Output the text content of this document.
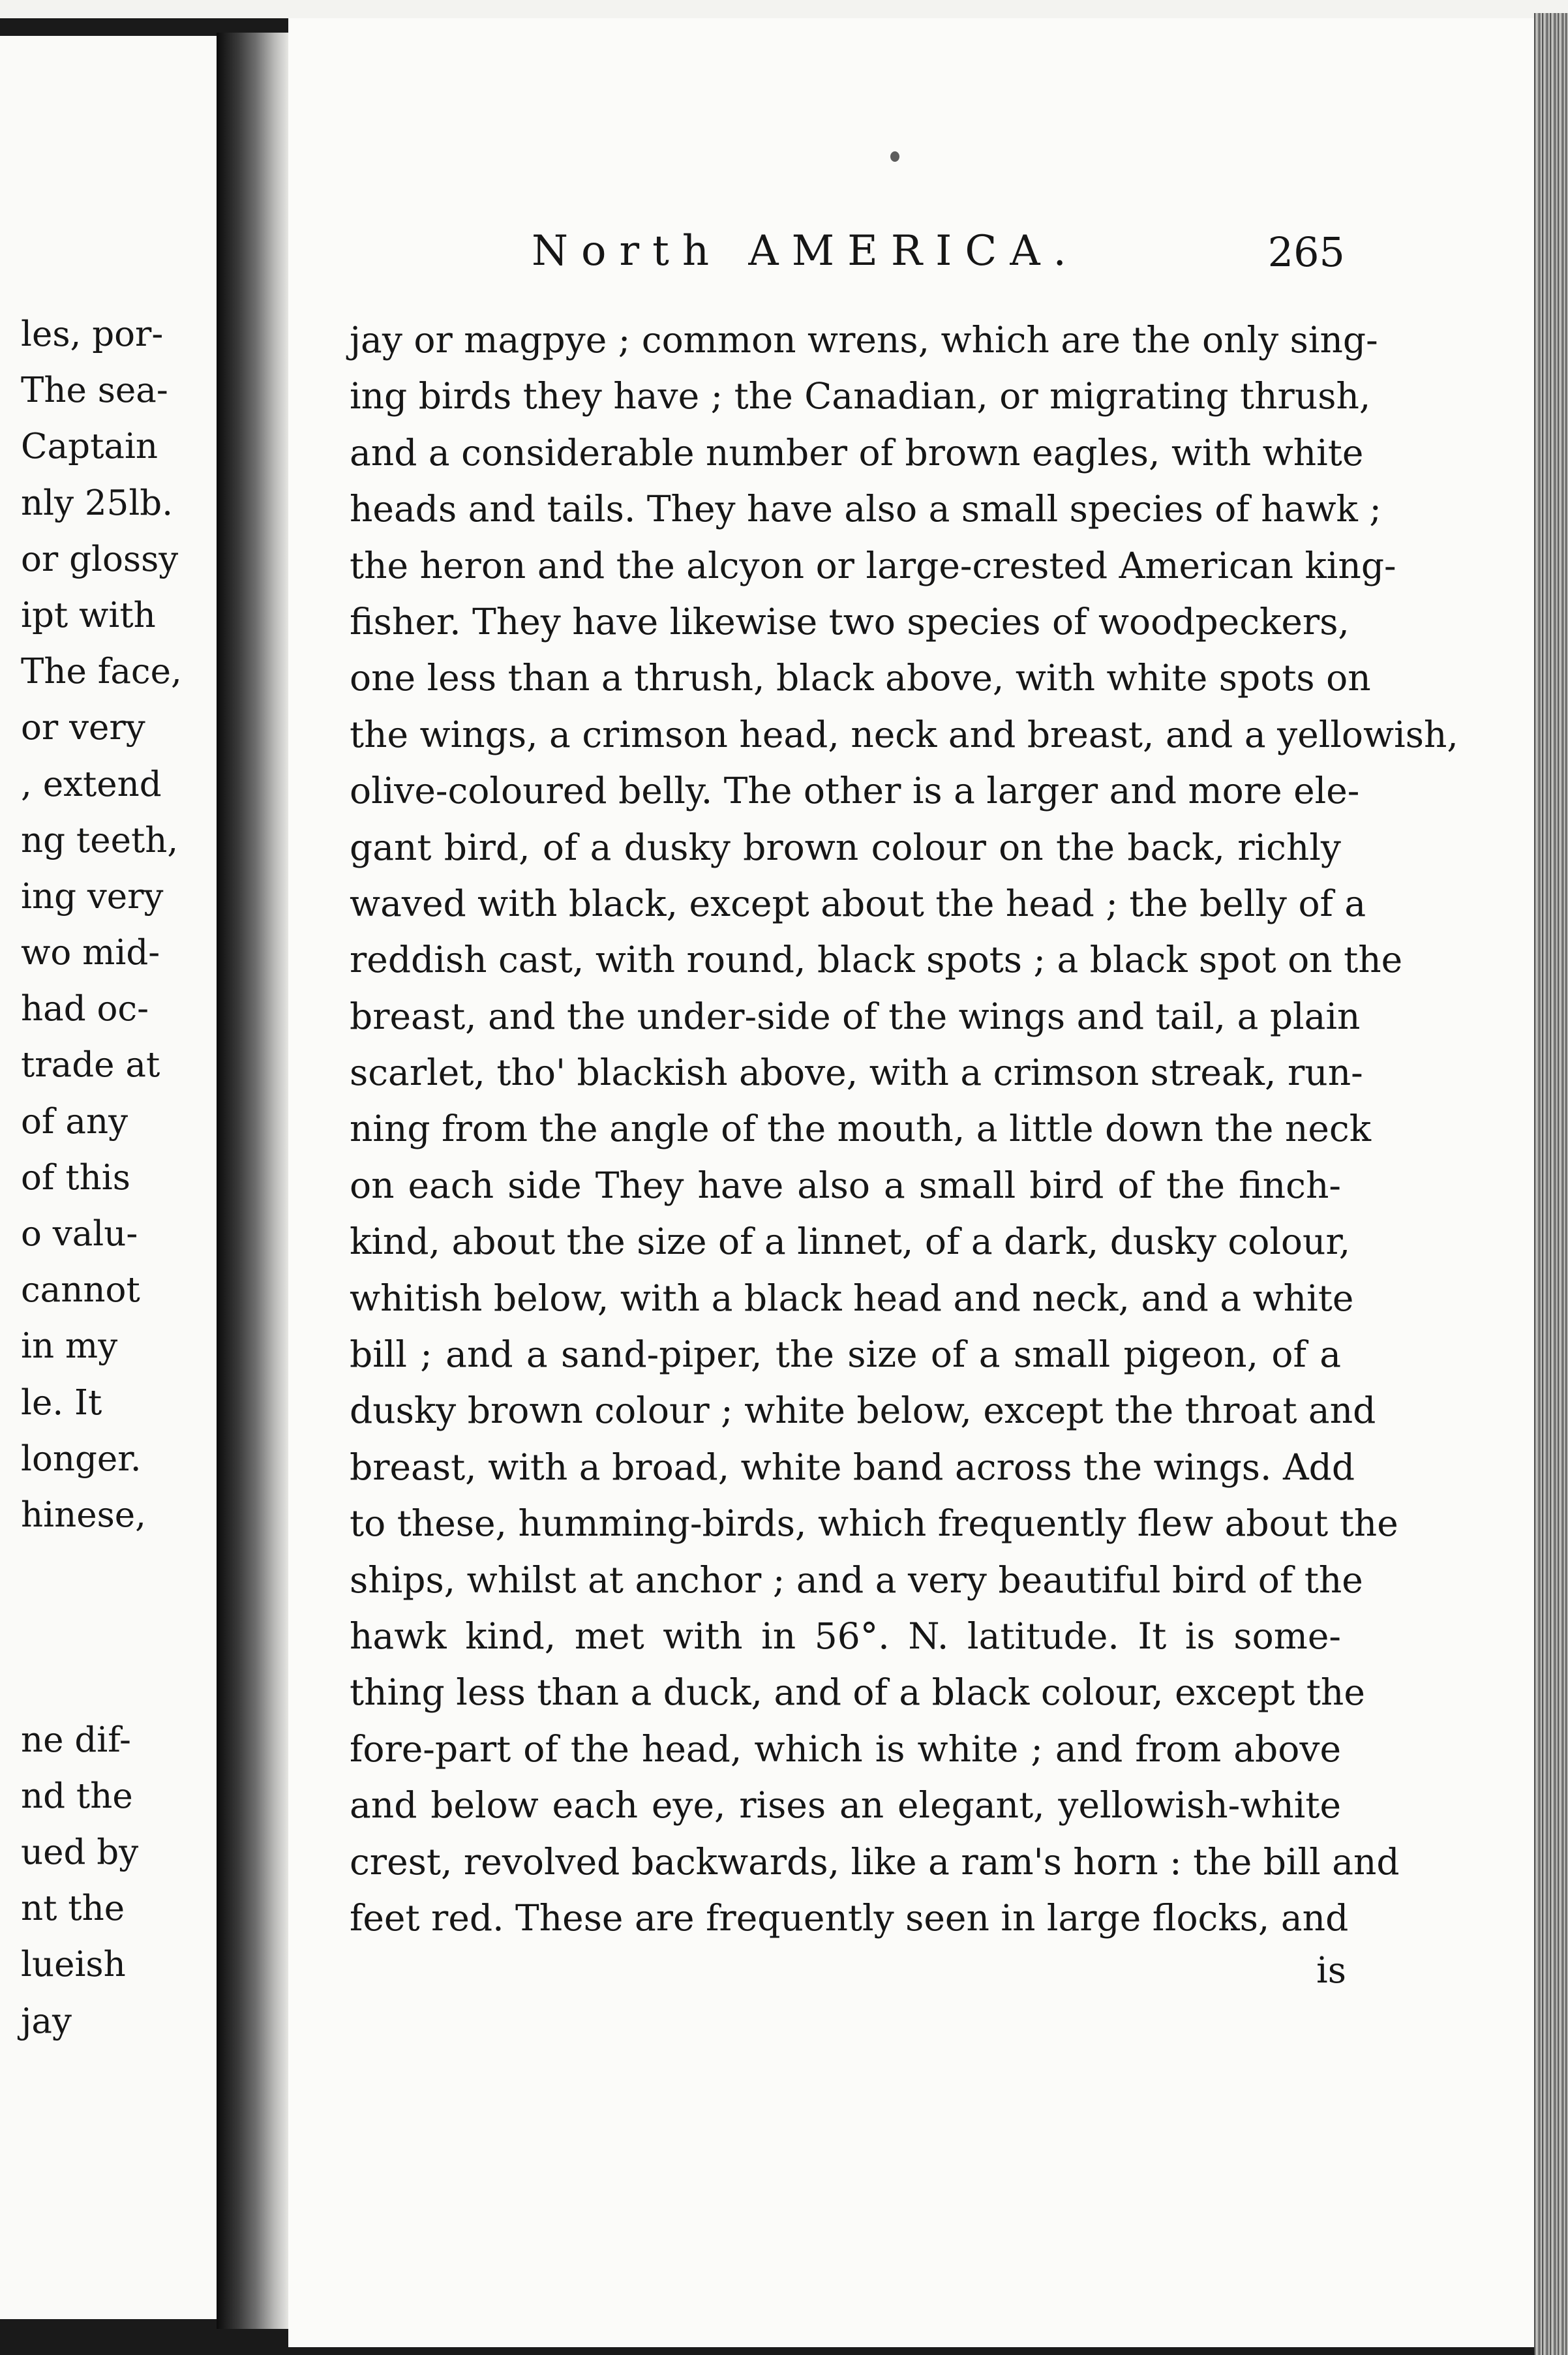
les, por-
The sea-
Captain
nly 25lb.
or glossy
ipt with
The face,
or very
, extend
ng teeth,
ing very
wo mid-
had oc-
trade at
of any
of this
o valu-
cannot
in my
le. It
longer.
hinese,
ne dif-
nd the
ued by
nt the
lueish
jay
North AMERICA.	265
jay or magpye ; common wrens, which are the only sing-
ing birds they have ; the Canadian, or migrating thrush,
and a considerable number of brown eagles, with white
heads and tails. They have also a small species of hawk ;
the heron and the alcyon or large-crested American king-
fisher. They have likewise two species of woodpeckers,
one less than a thrush, black above, with white spots on
the wings, a crimson head, neck and breast, and a yellowish,
olive-coloured belly. The other is a larger and more ele-
gant bird, of a dusky brown colour on the back, richly
waved with black, except about the head ; the belly of a
reddish cast, with round, black spots ; a black spot on the
breast, and the under-side of the wings and tail, a plain
scarlet, tho' blackish above, with a crimson streak, run-
ning from the angle of the mouth, a little down the neck
on each side They have also a small bird of the finch-
kind, about the size of a linnet, of a dark, dusky colour,
whitish below, with a black head and neck, and a white
bill ; and a sand-piper, the size of a small pigeon, of a
dusky brown colour ; white below, except the throat and
breast, with a broad, white band across the wings. Add
to these, humming-birds, which frequently flew about the
ships, whilst at anchor ; and a very beautiful bird of the
hawk kind, met with in 56°. N. latitude. It is some-
thing less than a duck, and of a black colour, except the
fore-part of the head, which is white ; and from above
and below each eye, rises an elegant, yellowish-white
crest, revolved backwards, like a ram's horn : the bill and
feet red. These are frequently seen in large flocks, and
is
